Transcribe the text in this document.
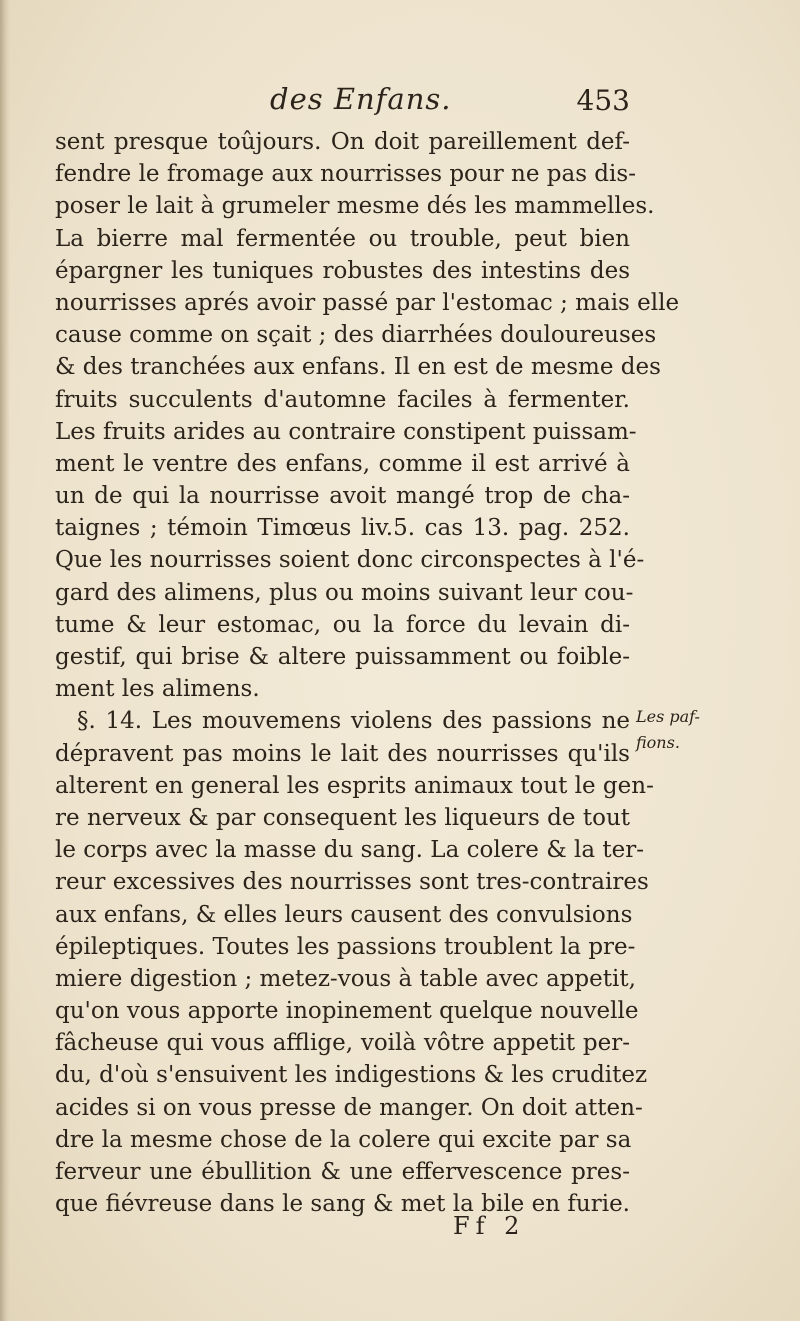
des Enfans.	453
sent presque toûjours. On doit pareillement def-
fendre le fromage aux nourrisses pour ne pas dis-
poser le lait à grumeler mesme dés les mammelles.
La bierre mal fermentée ou trouble, peut bien
épargner les tuniques robustes des intestins des
nourrisses aprés avoir passé par l'estomac ; mais elle
cause comme on sçait ; des diarrhées douloureuses
& des tranchées aux enfans. Il en est de mesme des
fruits succulents d'automne faciles à fermenter.
Les fruits arides au contraire constipent puissam-
ment le ventre des enfans, comme il est arrivé à
un de qui la nourrisse avoit mangé trop de cha-
taignes ; témoin Timœus liv.5. cas 13. pag. 252.
Que les nourrisses soient donc circonspectes à l'é-
gard des alimens, plus ou moins suivant leur cou-
tume & leur estomac, ou la force du levain di-
gestif, qui brise & altere puissamment ou foible-
ment les alimens.
§. 14. Les mouvemens violens des passions ne
dépravent pas moins le lait des nourrisses qu'ils
alterent en general les esprits animaux tout le gen-
re nerveux & par consequent les liqueurs de tout
le corps avec la masse du sang. La colere & la ter-
reur excessives des nourrisses sont tres-contraires
aux enfans, & elles leurs causent des convulsions
épileptiques. Toutes les passions troublent la pre-
miere digestion ; metez-vous à table avec appetit,
qu'on vous apporte inopinement quelque nouvelle
fâcheuse qui vous afflige, voilà vôtre appetit per-
du, d'où s'ensuivent les indigestions & les cruditez
acides si on vous presse de manger. On doit atten-
dre la mesme chose de la colere qui excite par sa
ferveur une ébullition & une effervescence pres-
que fiévreuse dans le sang & met la bile en furie.
Les paf-
fions.
Ff 2
